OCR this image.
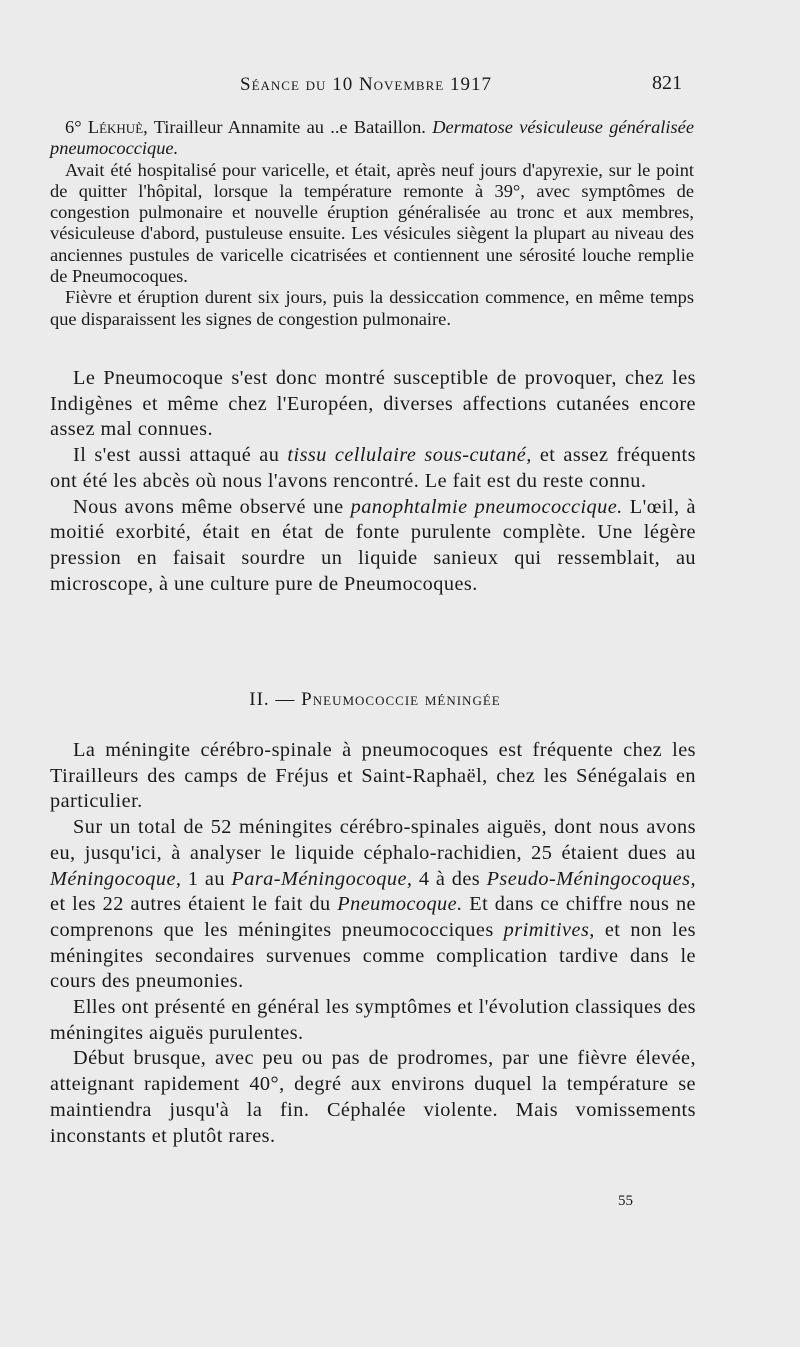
Séance du 10 Novembre 1917	821

6° Lékhuè, Tirailleur Annamite au ..e Bataillon. Dermatose vésiculeuse généralisée pneumococcique.

Avait été hospitalisé pour varicelle, et était, après neuf jours d'apyrexie, sur le point de quitter l'hôpital, lorsque la température remonte à 39°, avec symptômes de congestion pulmonaire et nouvelle éruption généralisée au tronc et aux membres, vésiculeuse d'abord, pustuleuse ensuite. Les vésicules siègent la plupart au niveau des anciennes pustules de varicelle cicatrisées et contiennent une sérosité louche remplie de Pneumocoques.

Fièvre et éruption durent six jours, puis la dessiccation commence, en même temps que disparaissent les signes de congestion pulmonaire.

Le Pneumocoque s'est donc montré susceptible de provoquer, chez les Indigènes et même chez l'Européen, diverses affections cutanées encore assez mal connues.

Il s'est aussi attaqué au tissu cellulaire sous-cutané, et assez fréquents ont été les abcès où nous l'avons rencontré. Le fait est du reste connu.

Nous avons même observé une panophtalmie pneumococcique. L'œil, à moitié exorbité, était en état de fonte purulente complète. Une légère pression en faisait sourdre un liquide sanieux qui ressemblait, au microscope, à une culture pure de Pneumocoques.

II. — Pneumococcie méningée

La méningite cérébro-spinale à pneumocoques est fréquente chez les Tirailleurs des camps de Fréjus et Saint-Raphaël, chez les Sénégalais en particulier.

Sur un total de 52 méningites cérébro-spinales aiguës, dont nous avons eu, jusqu'ici, à analyser le liquide céphalo-rachidien, 25 étaient dues au Méningocoque, 1 au Para-Méningocoque, 4 à des Pseudo-Méningocoques, et les 22 autres étaient le fait du Pneumocoque. Et dans ce chiffre nous ne comprenons que les méningites pneumococciques primitives, et non les méningites secondaires survenues comme complication tardive dans le cours des pneumonies.

Elles ont présenté en général les symptômes et l'évolution classiques des méningites aiguës purulentes.

Début brusque, avec peu ou pas de prodromes, par une fièvre élevée, atteignant rapidement 40°, degré aux environs duquel la température se maintiendra jusqu'à la fin. Céphalée violente. Mais vomissements inconstants et plutôt rares.

55
